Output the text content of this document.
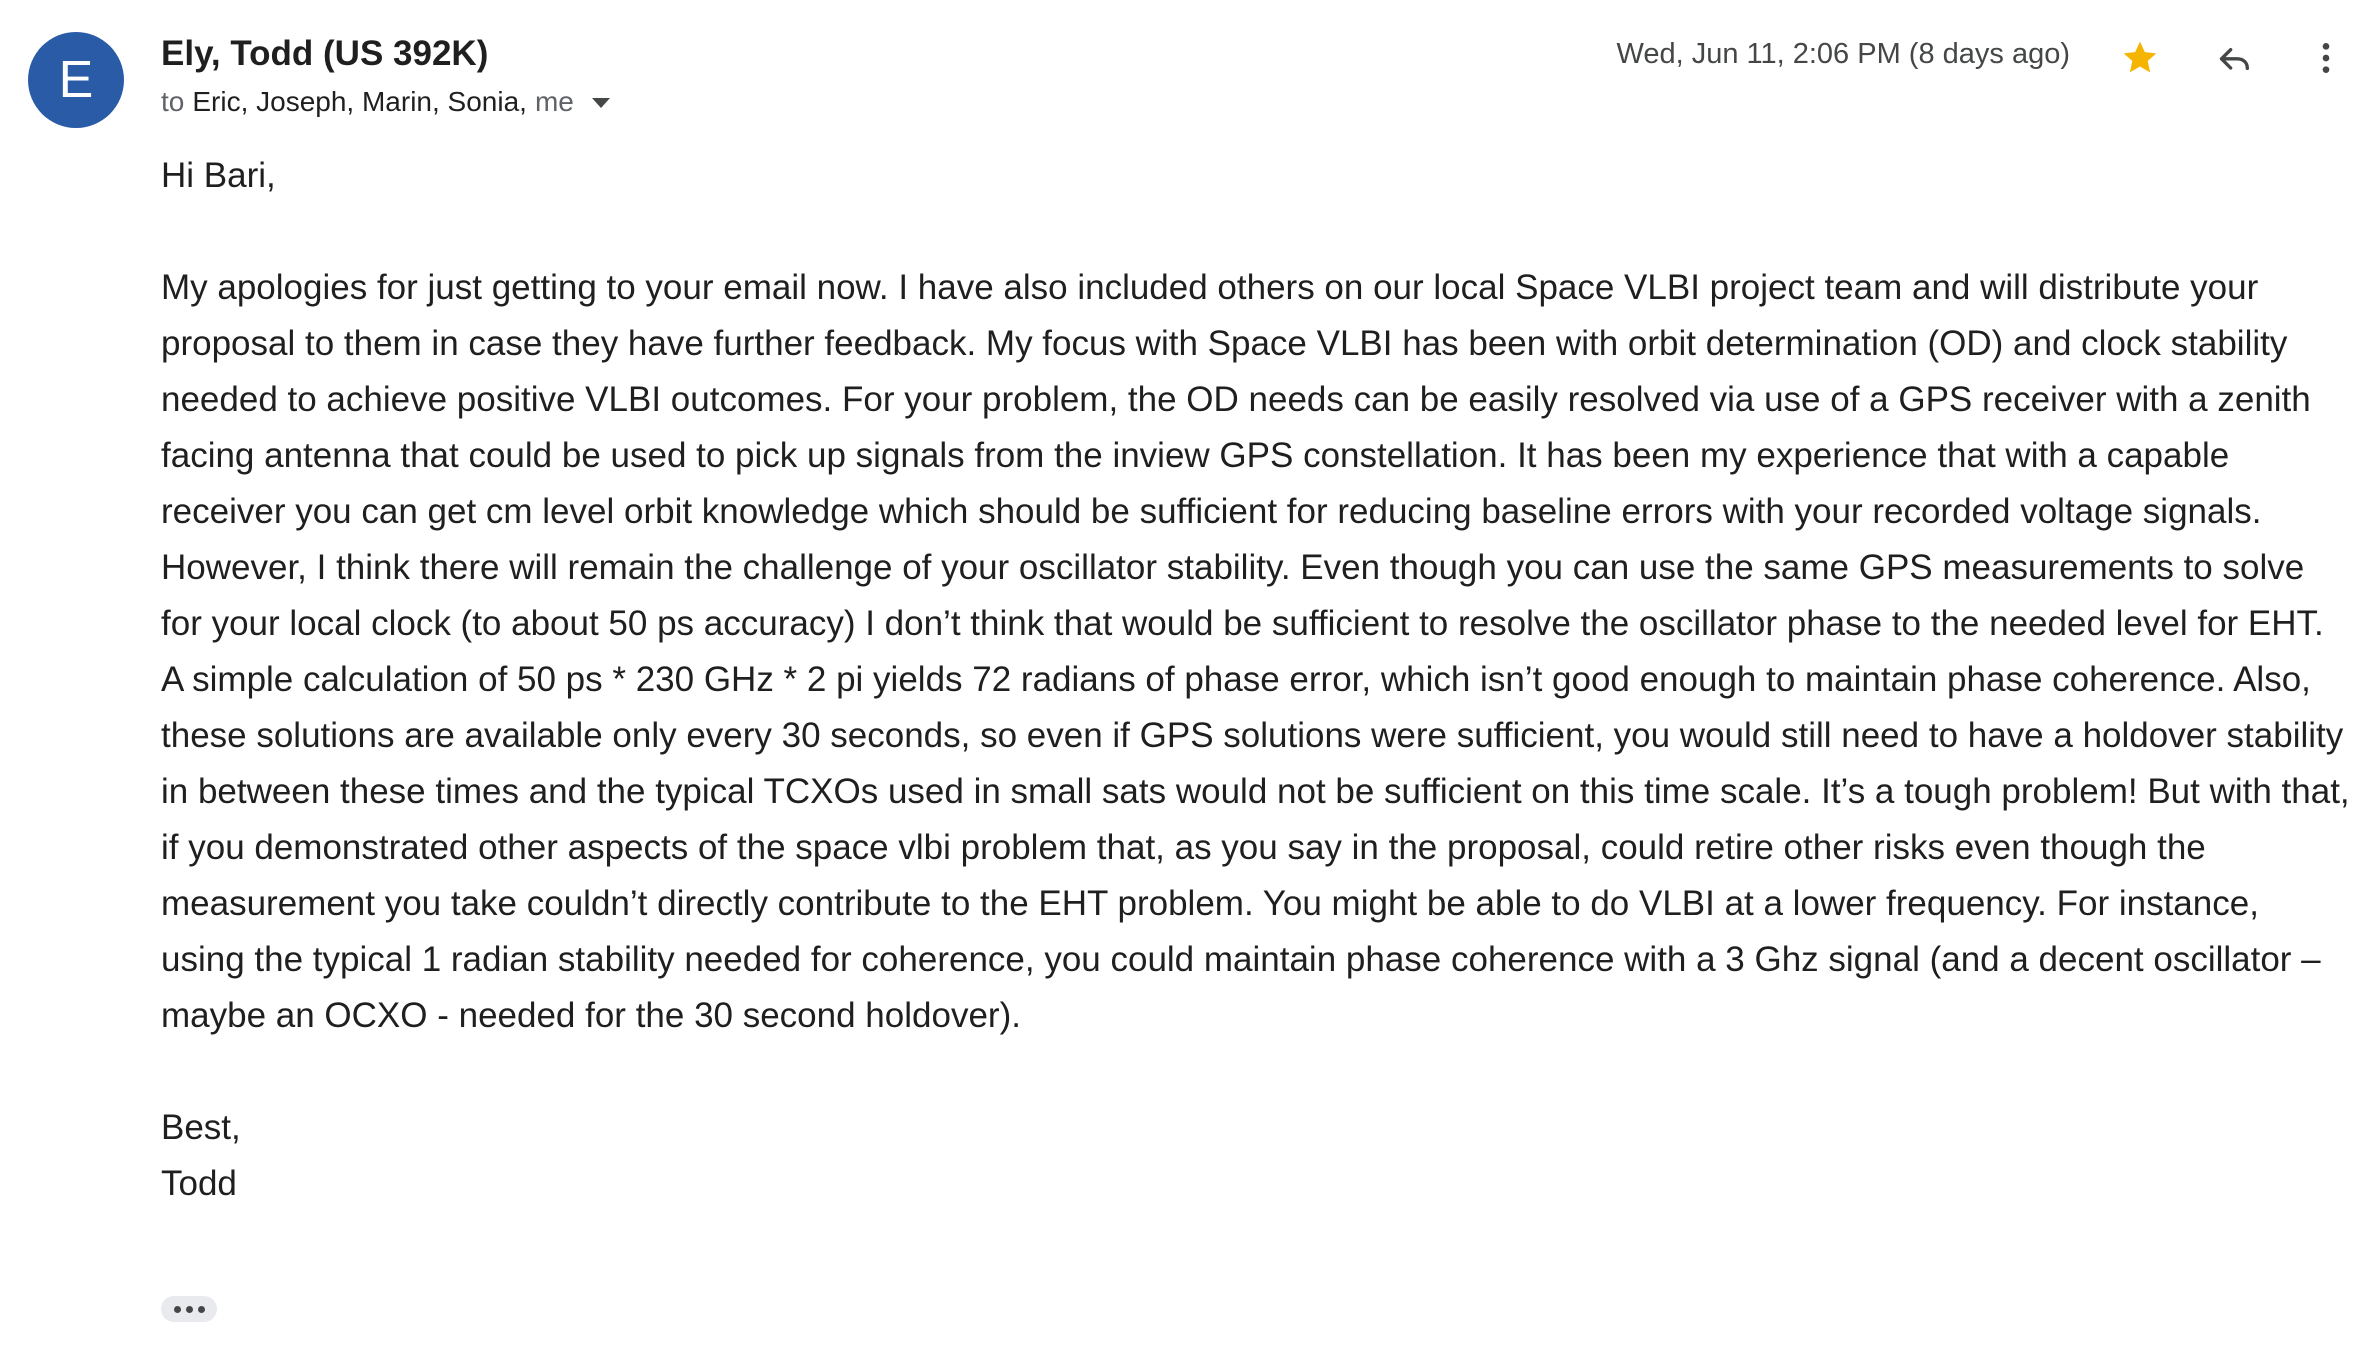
E Ely, Todd (US 392K)
to Eric, Joseph, Marin, Sonia, me
Wed, Jun 11, 2:06 PM (8 days ago)

Hi Bari,

My apologies for just getting to your email now. I have also included others on our local Space VLBI project team and will distribute your proposal to them in case they have further feedback. My focus with Space VLBI has been with orbit determination (OD) and clock stability needed to achieve positive VLBI outcomes. For your problem, the OD needs can be easily resolved via use of a GPS receiver with a zenith facing antenna that could be used to pick up signals from the inview GPS constellation. It has been my experience that with a capable receiver you can get cm level orbit knowledge which should be sufficient for reducing baseline errors with your recorded voltage signals. However, I think there will remain the challenge of your oscillator stability. Even though you can use the same GPS measurements to solve for your local clock (to about 50 ps accuracy) I don’t think that would be sufficient to resolve the oscillator phase to the needed level for EHT. A simple calculation of 50 ps * 230 GHz * 2 pi yields 72 radians of phase error, which isn’t good enough to maintain phase coherence. Also, these solutions are available only every 30 seconds, so even if GPS solutions were sufficient, you would still need to have a holdover stability in between these times and the typical TCXOs used in small sats would not be sufficient on this time scale. It’s a tough problem! But with that, if you demonstrated other aspects of the space vlbi problem that, as you say in the proposal, could retire other risks even though the measurement you take couldn’t directly contribute to the EHT problem. You might be able to do VLBI at a lower frequency. For instance, using the typical 1 radian stability needed for coherence, you could maintain phase coherence with a 3 Ghz signal (and a decent oscillator – maybe an OCXO - needed for the 30 second holdover).

Best,

Todd
